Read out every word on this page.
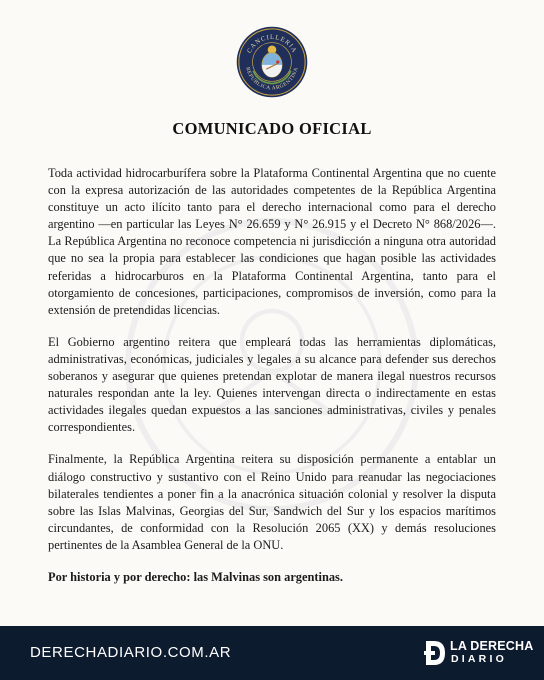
CANCILLERIA
REPUBLICA ARGENTINA
COMUNICADO OFICIAL

Toda actividad hidrocarburífera sobre la Plataforma Continental Argentina que no cuente con la expresa autorización de las autoridades competentes de la República Argentina constituye un acto ilícito tanto para el derecho internacional como para el derecho argentino —en particular las Leyes N° 26.659 y N° 26.915 y el Decreto N° 868/2026—. La República Argentina no reconoce competencia ni jurisdicción a ninguna otra autoridad que no sea la propia para establecer las condiciones que hagan posible las actividades referidas a hidrocarburos en la Plataforma Continental Argentina, tanto para el otorgamiento de concesiones, participaciones, compromisos de inversión, como para la extensión de pretendidas licencias.

El Gobierno argentino reitera que empleará todas las herramientas diplomáticas, administrativas, económicas, judiciales y legales a su alcance para defender sus derechos soberanos y asegurar que quienes pretendan explotar de manera ilegal nuestros recursos naturales respondan ante la ley. Quienes intervengan directa o indirectamente en estas actividades ilegales quedan expuestos a las sanciones administrativas, civiles y penales correspondientes.

Finalmente, la República Argentina reitera su disposición permanente a entablar un diálogo constructivo y sustantivo con el Reino Unido para reanudar las negociaciones bilaterales tendientes a poner fin a la anacrónica situación colonial y resolver la disputa sobre las Islas Malvinas, Georgias del Sur, Sandwich del Sur y los espacios marítimos circundantes, de conformidad con la Resolución 2065 (XX) y demás resoluciones pertinentes de la Asamblea General de la ONU.

Por historia y por derecho: las Malvinas son argentinas.

DERECHADIARIO.COM.AR	LA DERECHA
DIARIO
